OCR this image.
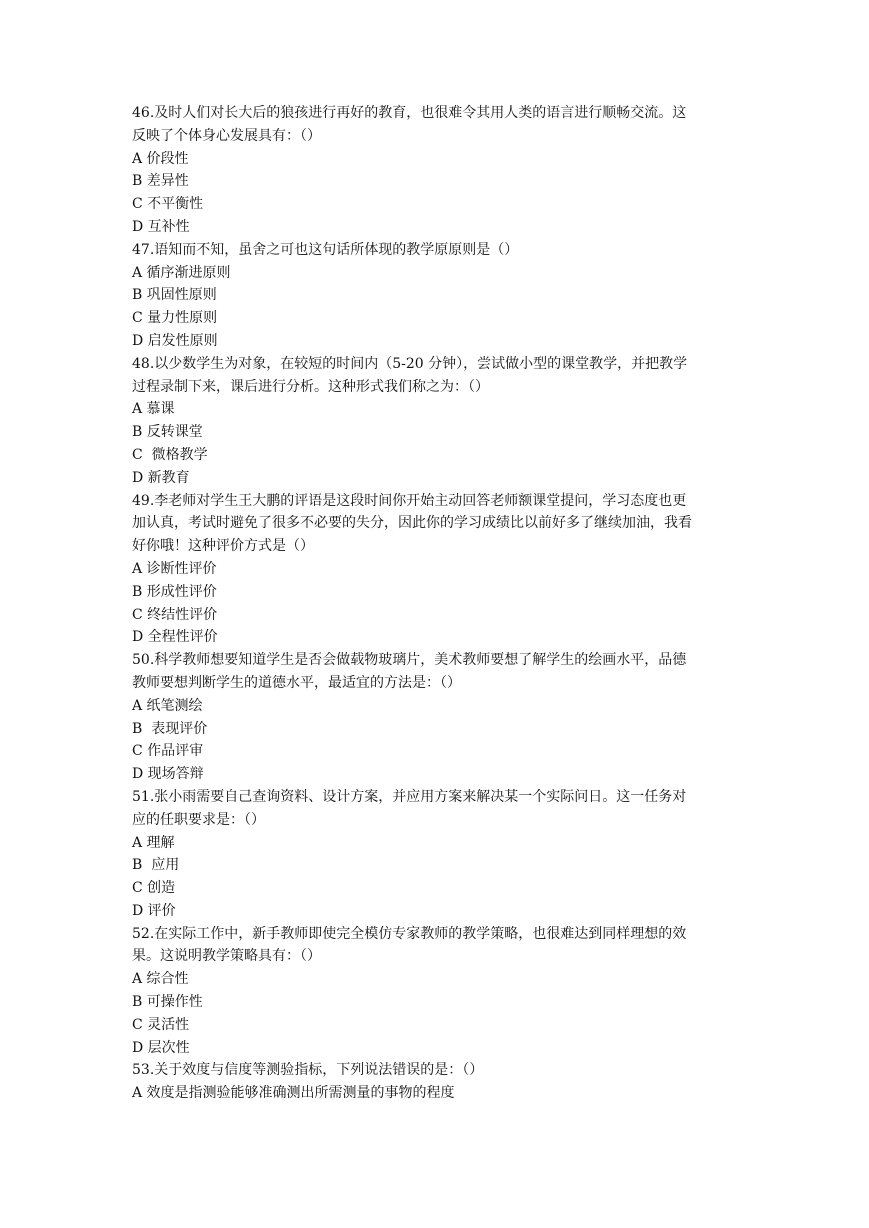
46.及时人们对长大后的狼孩进行再好的教育，也很难令其用人类的语言进行顺畅交流。这

反映了个体身心发展具有：（）

A 价段性

B 差异性

C 不平衡性

D 互补性

47.语知而不知，虽舍之可也这句话所体现的教学原原则是（）

A 循序渐进原则

B 巩固性原则

C 量力性原则

D 启发性原则

48.以少数学生为对象，在较短的时间内（5-20 分钟），尝试做小型的课堂教学，并把教学

过程录制下来，课后进行分析。这种形式我们称之为：（）

A 慕课

B 反转课堂

C  微格教学

D 新教育

49.李老师对学生王大鹏的评语是这段时间你开始主动回答老师额课堂提问，学习态度也更

加认真，考试时避免了很多不必要的失分，因此你的学习成绩比以前好多了继续加油，我看

好你哦！这种评价方式是（）

A 诊断性评价

B 形成性评价

C 终结性评价

D 全程性评价

50.科学教师想要知道学生是否会做载物玻璃片，美术教师要想了解学生的绘画水平，品德

教师要想判断学生的道德水平，最适宜的方法是：（）

A 纸笔测绘

B  表现评价

C 作品评审

D 现场答辩

51.张小雨需要自己查询资料、设计方案，并应用方案来解决某一个实际问日。这一任务对

应的任职要求是：（）

A 理解

B  应用

C 创造

D 评价

52.在实际工作中，新手教师即使完全模仿专家教师的教学策略，也很难达到同样理想的效

果。这说明教学策略具有：（）

A 综合性

B 可操作性

C 灵活性

D 层次性

53.关于效度与信度等测验指标，下列说法错误的是：（）

A 效度是指测验能够准确测出所需测量的事物的程度
